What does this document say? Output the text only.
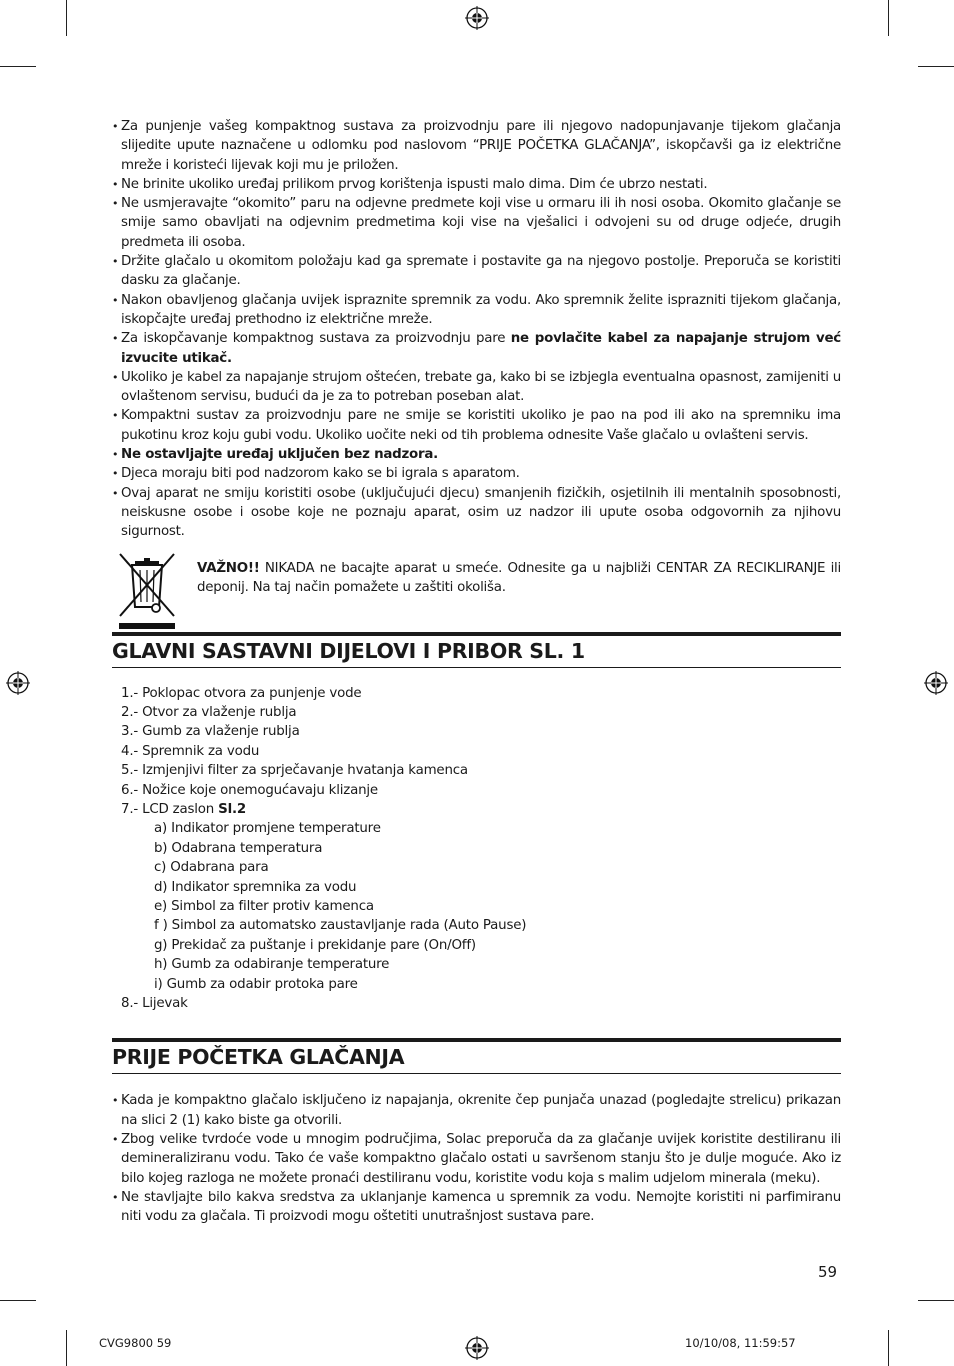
• Za punjenje vašeg kompaktnog sustava za proizvodnju pare ili njegovo nadopunjavanje tijekom glačanja slijedite upute naznačene u odlomku pod naslovom “PRIJE POČETKA GLAČANJA”, iskopčavši ga iz električne mreže i koristeći lijevak koji mu je priložen.
• Ne brinite ukoliko uređaj prilikom prvog korištenja ispusti malo dima. Dim će ubrzo nestati.
• Ne usmjeravajte “okomito” paru na odjevne predmete koji vise u ormaru ili ih nosi osoba. Okomito glačanje se smije samo obavljati na odjevnim predmetima koji vise na vješalici i odvojeni su od druge odjeće, drugih predmeta ili osoba.
• Držite glačalo u okomitom položaju kad ga spremate i postavite ga na njegovo postolje. Preporuča se koristiti dasku za glačanje.
• Nakon obavljenog glačanja uvijek ispraznite spremnik za vodu. Ako spremnik želite isprazniti tijekom glačanja, iskopčajte uređaj prethodno iz električne mreže.
• Za iskopčavanje kompaktnog sustava za proizvodnju pare ne povlačite kabel za napajanje strujom već izvucite utikač.
• Ukoliko je kabel za napajanje strujom oštećen, trebate ga, kako bi se izbjegla eventualna opasnost, zamijeniti u ovlaštenom servisu, budući da je za to potreban poseban alat.
• Kompaktni sustav za proizvodnju pare ne smije se koristiti ukoliko je pao na pod ili ako na spremniku ima pukotinu kroz koju gubi vodu. Ukoliko uočite neki od tih problema odnesite Vaše glačalo u ovlašteni servis.
• Ne ostavljajte uređaj uključen bez nadzora.
• Djeca moraju biti pod nadzorom kako se bi igrala s aparatom.
• Ovaj aparat ne smiju koristiti osobe (uključujući djecu) smanjenih fizičkih, osjetilnih ili mentalnih sposobnosti, neiskusne osobe i osobe koje ne poznaju aparat, osim uz nadzor ili upute osoba odgovornih za njihovu sigurnost.
VAŽNO!! NIKADA ne bacajte aparat u smeće. Odnesite ga u najbliži CENTAR ZA RECIKLIRANJE ili deponij. Na taj način pomažete u zaštiti okoliša.
GLAVNI SASTAVNI DIJELOVI I PRIBOR SL. 1
1.- Poklopac otvora za punjenje vode
2.- Otvor za vlaženje rublja
3.- Gumb za vlaženje rublja
4.- Spremnik za vodu
5.- Izmjenjivi filter za sprječavanje hvatanja kamenca
6.- Nožice koje onemogućavaju klizanje
7.- LCD zaslon Sl.2
a) Indikator promjene temperature
b) Odabrana temperatura
c) Odabrana para
d) Indikator spremnika za vodu
e) Simbol za filter protiv kamenca
f ) Simbol za automatsko zaustavljanje rada (Auto Pause)
g) Prekidač za puštanje i prekidanje pare (On/Off)
h) Gumb za odabiranje temperature
i) Gumb za odabir protoka pare
8.- Lijevak
PRIJE POČETKA GLAČANJA
• Kada je kompaktno glačalo isključeno iz napajanja, okrenite čep punjača unazad (pogledajte strelicu) prikazan na slici 2 (1) kako biste ga otvorili.
• Zbog velike tvrdoće vode u mnogim područjima, Solac preporuča da za glačanje uvijek koristite destiliranu ili demineraliziranu vodu. Tako će vaše kompaktno glačalo ostati u savršenom stanju što je dulje moguće. Ako iz bilo kojeg razloga ne možete pronaći destiliranu vodu, koristite vodu koja s malim udjelom minerala (meku).
• Ne stavljajte bilo kakva sredstva za uklanjanje kamenca u spremnik za vodu. Nemojte koristiti ni parfimiranu niti vodu za glačala. Ti proizvodi mogu oštetiti unutrašnjost sustava pare.
59
CVG9800 59	10/10/08, 11:59:57
